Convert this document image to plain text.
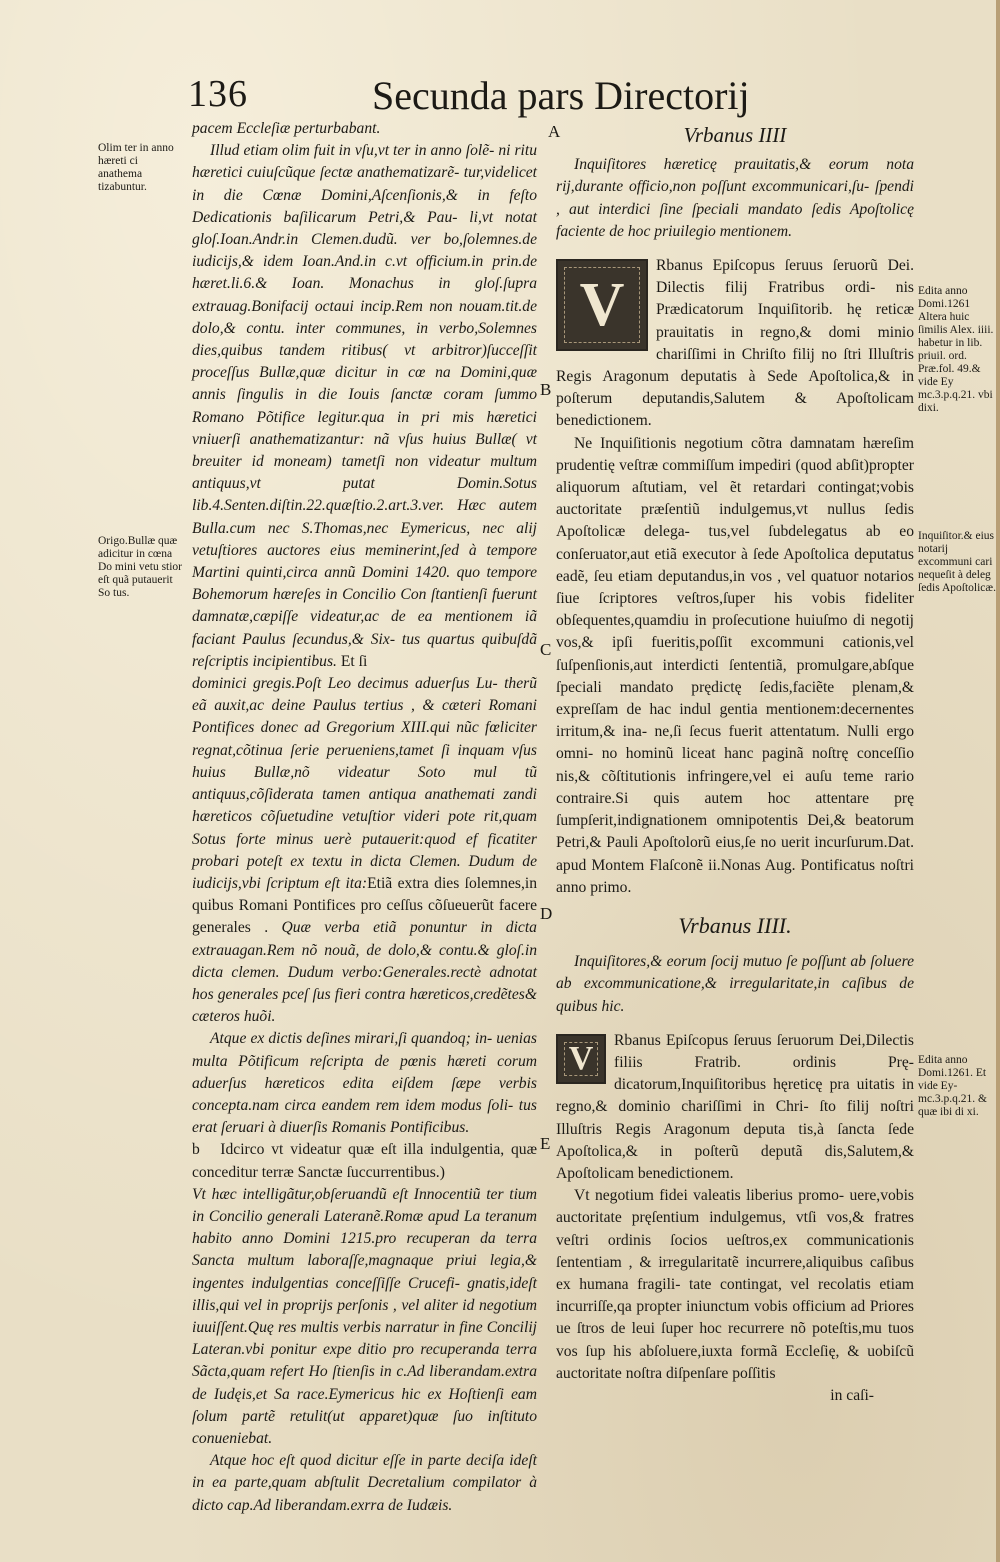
136	Secunda pars Directorij
A
B
C
D
E
Olim ter in anno hæreti ci anathema tizabuntur.
Origo.Bullæ quæ adicitur in cœna Do mini vetu stior eſt quã putauerit So tus.
Edita anno Domi.1261 Altera huic ſimilis Alex. iiii. habetur in lib. priuil. ord. Præ.fol. 49.& vide Ey mc.3.p.q.21. vbi dixi.
Inquiſitor.& eius notarij excommuni cari nequeſit à deleg ſedis Apoſtolicæ.
Edita anno Domi.1261. Et vide Ey- mc.3.p.q.21. & quæ ibi di xi.

pacem Eccleſiæ perturbabant.

Illud etiam olim fuit in vſu,vt ter in anno ſolẽ- ni ritu hæretici cuiuſcũque ſectæ anathematizarẽ- tur,videlicet in die Cœnæ Domini,Aſcenſionis,& in feſto Dedicationis baſilicarum Petri,& Pau- li,vt notat gloſ.Ioan.Andr.in Clemen.dudũ. ver bo,ſolemnes.de iudicijs,& idem Ioan.And.in c.vt officium.in prin.de hæret.li.6.& Ioan. Monachus in gloſ.ſupra extrauag.Bonifacij octaui incip.Rem non nouam.tit.de dolo,& contu. inter communes, in verbo,Solemnes dies,quibus tandem ritibus( vt arbitror)ſucceſſit proceſſus Bullæ,quæ dicitur in cœ na Domini,quæ annis ſingulis in die Iouis ſanctæ coram ſummo Romano Põtifice legitur.qua in pri mis hæretici vniuerſi anathematizantur: nã vſus huius Bullæ( vt breuiter id moneam) tametſi non videatur multum antiquus,vt putat Domin.Sotus lib.4.Senten.diſtin.22.quæſtio.2.art.3.ver. Hæc autem Bulla.cum nec S.Thomas,nec Eymericus, nec alij vetuſtiores auctores eius meminerint,ſed à tempore Martini quinti,circa annũ Domini 1420. quo tempore Bohemorum hæreſes in Concilio Con ſtantienſi fuerunt damnatæ,cæpiſſe videatur,ac de ea mentionem iã faciant Paulus ſecundus,& Six- tus quartus quibuſdã reſcriptis incipientibus. Et ſi

dominici gregis.Poſt Leo decimus aduerſus Lu- therũ eã auxit,ac deine Paulus tertius , & cæteri Romani Pontifices donec ad Gregorium XIII.qui nũc fœliciter regnat,cõtinua ſerie perueniens,tamet ſi inquam vſus huius Bullæ,nõ videatur Soto mul tũ antiquus,cõſiderata tamen antiqua anathemati zandi hæreticos cõſuetudine vetuſtior videri pote rit,quam Sotus forte minus uerè putauerit:quod ef ficatiter probari poteſt ex textu in dicta Clemen. Dudum de iudicijs,vbi ſcriptum eſt ita:Etiã extra dies ſolemnes,in quibus Romani Pontifices pro ceſſus cõſueuerũt facere generales . Quæ verba etiã ponuntur in dicta extrauagan.Rem nõ nouã, de dolo,& contu.& gloſ.in dicta clemen. Dudum verbo:Generales.rectè adnotat hos generales pceſ ſus fieri contra hæreticos,credẽtes& cæteros huõi.

Atque ex dictis deſines mirari,ſi quandoq; in- uenias multa Põtificum reſcripta de pœnis hæreti corum aduerſus hæreticos edita eiſdem ſæpe verbis concepta.nam circa eandem rem idem modus ſoli- tus erat ſeruari à diuerſis Romanis Pontificibus.

b Idcirco vt videatur quæ eſt illa indulgentia, quæ conceditur terræ Sanctæ ſuccurrentibus.)

Vt hæc intelligãtur,obſeruandũ eſt Innocentiũ ter tium in Concilio generali Lateranẽ.Romæ apud La teranum habito anno Domini 1215.pro recuperan da terra Sancta multum laboraſſe,magnaque priui legia,& ingentes indulgentias conceſſiſſe Crucefi- gnatis,ideſt illis,qui vel in proprijs perſonis , vel aliter id negotium iuuiſſent.Quę res multis verbis narratur in fine Concilij Lateran.vbi ponitur expe ditio pro recuperanda terra Sãcta,quam refert Ho ſtienſis in c.Ad liberandam.extra de Iudęis,et Sa race.Eymericus hic ex Hoſtienſi eam ſolum partẽ retulit(ut apparet)quæ ſuo inſtituto conueniebat.

Atque hoc eſt quod dicitur eſſe in parte deciſa ideſt in ea parte,quam abſtulit Decretalium compilator à dicto cap.Ad liberandam.exrra de Iudæis.

Vrbanus IIII

Inquiſitores hæreticę prauitatis,& eorum nota rij,durante officio,non poſſunt excommunicari,ſu- ſpendi , aut interdici ſine ſpeciali mandato ſedis Apoſtolicę faciente de hoc priuilegio mentionem.

V

Rbanus Epiſcopus ſeruus ſeruorũ Dei. Dilectis filij Fratribus ordi- nis Prædicatorum Inquiſitorib. hę reticæ prauitatis in regno,& domi minio chariſſimi in Chriſto filij no ſtri Illuſtris Regis Aragonum deputatis à Sede Apoſtolica,& in poſterum deputandis,Salutem & Apoſtolicam benedictionem.

Ne Inquiſitionis negotium cõtra damnatam hæreſim prudentię veſtræ commiſſum impediri (quod abſit)propter aliquorum aſtutiam, vel ẽt retardari contingat;vobis auctoritate præſentiũ indulgemus,vt nullus ſedis Apoſtolicæ delega- tus,vel ſubdelegatus ab eo conſeruator,aut etiã executor à ſede Apoſtolica deputatus eadẽ, ſeu etiam deputandus,in vos , vel quatuor notarios ſiue ſcriptores veſtros,ſuper his vobis fideliter obſequentes,quamdiu in proſecutione huiuſmo di negotij vos,& ipſi fueritis,poſſit excommuni cationis,vel ſuſpenſionis,aut interdicti ſententiã, promulgare,abſque ſpeciali mandato prędictę ſedis,faciẽte plenam,& expreſſam de hac indul gentia mentionem:decernentes irritum,& ina- ne,ſi ſecus fuerit attentatum. Nulli ergo omni- no hominũ liceat hanc paginã noſtrę conceſſio nis,& cõſtitutionis infringere,vel ei auſu teme rario contraire.Si quis autem hoc attentare prę ſumpſerit,indignationem omnipotentis Dei,& beatorum Petri,& Pauli Apoſtolorũ eius,ſe no uerit incurſurum.Dat. apud Montem Flaſconẽ ii.Nonas Aug. Pontificatus noſtri anno primo.

Vrbanus IIII.

Inquiſitores,& eorum ſocij mutuo ſe poſſunt ab ſoluere ab excommunicatione,& irregularitate,in caſibus de quibus hic.

V	Rbanus Epiſcopus ſeruus ſeruorum Dei,Dilectis filiis Fratrib. ordinis Prę- dicatorum,Inquiſitoribus hęreticę pra uitatis in regno,& dominio chariſſimi in Chri- ſto filij noſtri Illuſtris Regis Aragonum deputa tis,à ſancta ſede Apoſtolica,& in poſterũ deputã dis,Salutem,& Apoſtolicam benedictionem.

Vt negotium fidei valeatis liberius promo- uere,vobis auctoritate pręſentium indulgemus, vtſi vos,& fratres veſtri ordinis ſocios ueſtros,ex communicationis ſententiam , & irregularitatẽ incurrere,aliquibus caſibus ex humana fragili- tate contingat, vel recolatis etiam incurriſſe,qa propter iniunctum vobis officium ad Priores ue ſtros de leui ſuper hoc recurrere nõ poteſtis,mu tuos vos ſup his abſoluere,iuxta formã Eccleſię, & uobiſcũ auctoritate noſtra diſpenſare poſſitis

in caſi-
